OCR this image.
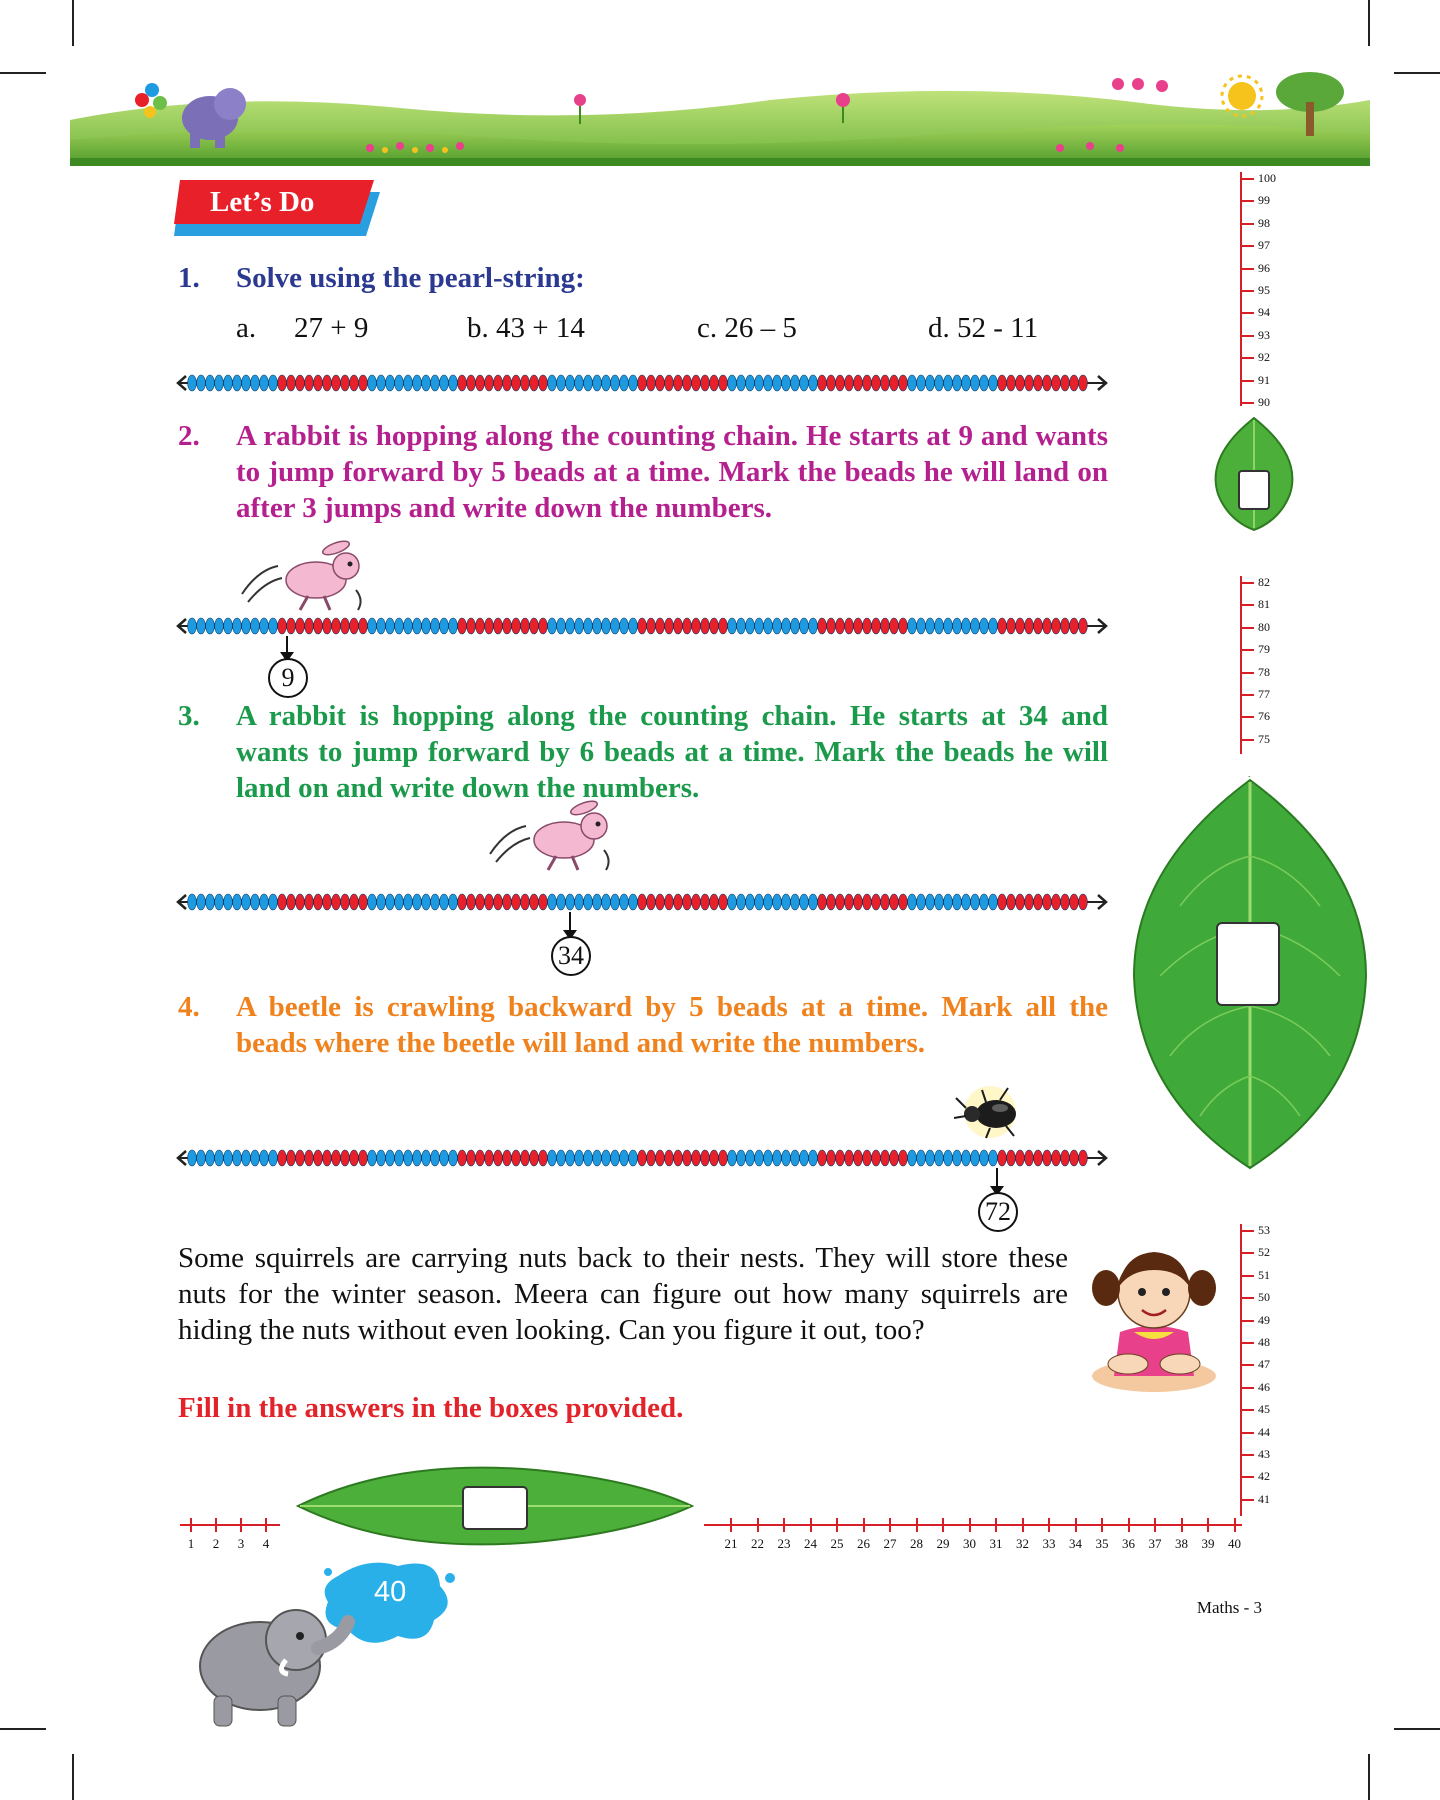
Let’s Do
1. Solve using the pearl-string:
a. 27 + 9	b. 43 + 14	c. 26 – 5	d. 52 - 11
2. A rabbit is hopping along the counting chain. He starts at 9 and wants to jump forward by 5 beads at a time. Mark the beads he will land on after 3 jumps and write down the numbers.
9
3. A rabbit is hopping along the counting chain. He starts at 34 and wants to jump forward by 6 beads at a time. Mark the beads he will land on and write down the numbers.
34
4. A beetle is crawling backward by 5 beads at a time. Mark all the beads where the beetle will land and write the numbers.
72
Some squirrels are carrying nuts back to their nests. They will store these nuts for the winter season. Meera can figure out how many squirrels are hiding the nuts without even looking. Can you figure it out, too?
Fill in the answers in the boxes provided.
100
99
98
97
96
95
94
93
92
91
90
82
81
80
79
78
77
76
75
53
52
51
50
49
48
47
46
45
44
43
42
41
1	2	3	4	21	22	23	24	25	26	27	28	29	30	31	32	33	34	35	36	37	38	39	40
40	Maths - 3
